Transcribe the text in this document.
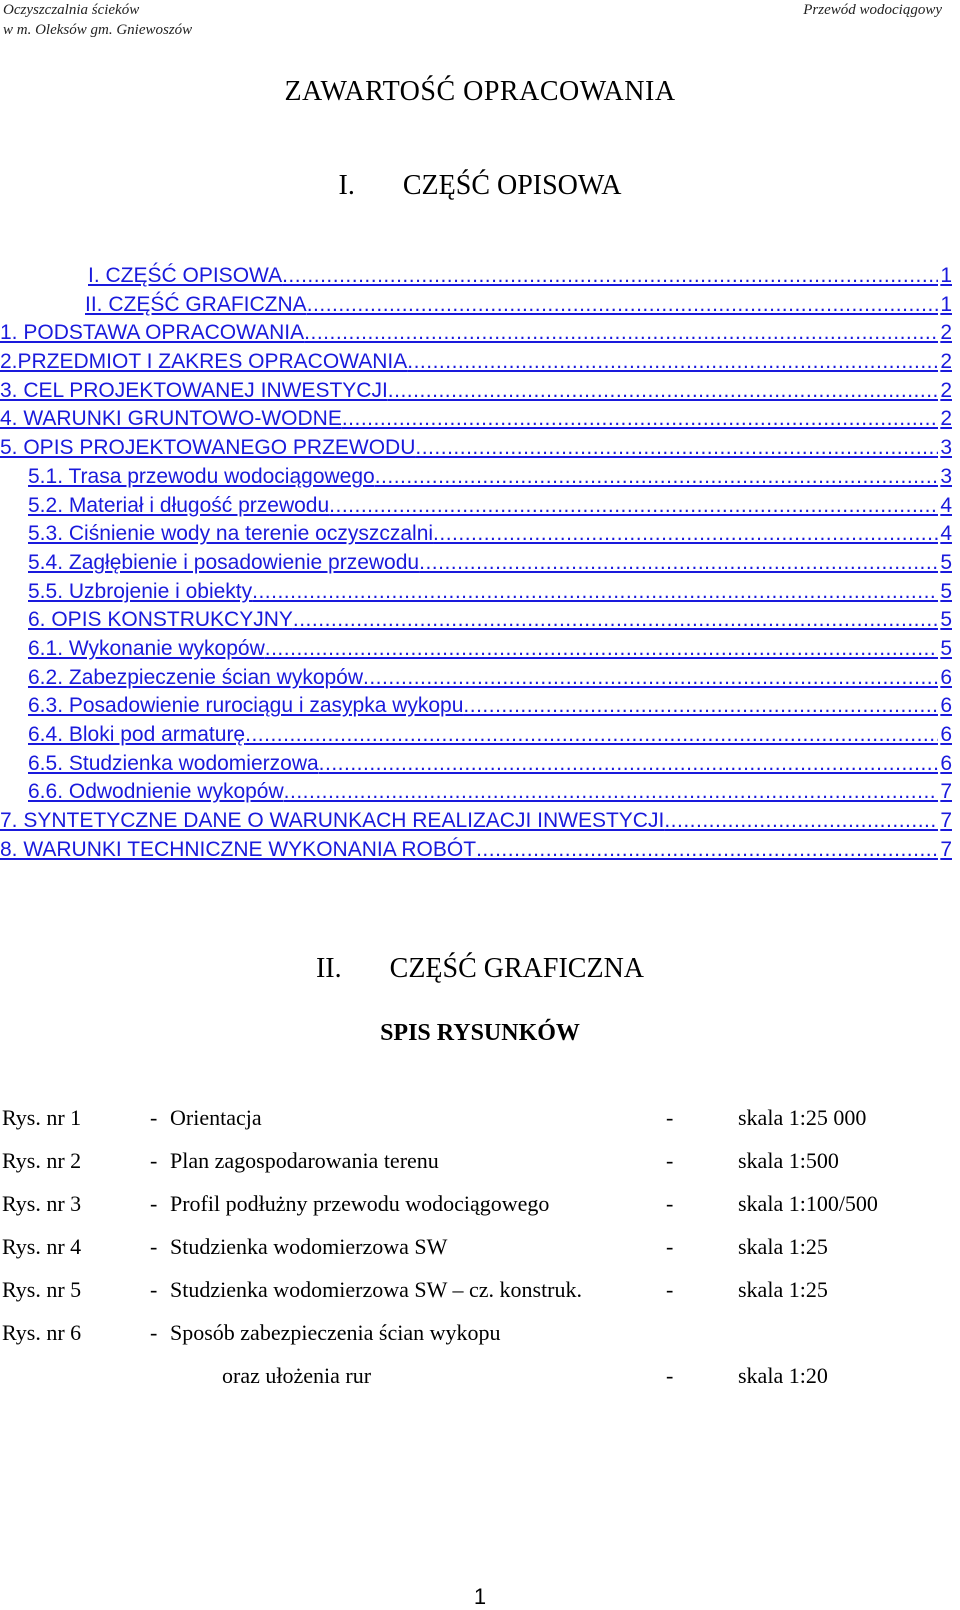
Oczyszczalnia ścieków
w m. Oleksów gm. Gniewoszów
Przewód wodociągowy
ZAWARTOŚĆ OPRACOWANIA
I. CZĘŚĆ OPISOWA
I. CZĘŚĆ OPISOWA .....	1
II. CZĘŚĆ GRAFICZNA .....	1
1. PODSTAWA OPRACOWANIA .....	2
2.PRZEDMIOT I ZAKRES OPRACOWANIA .....	2
3. CEL PROJEKTOWANEJ INWESTYCJI .....	2
4. WARUNKI GRUNTOWO-WODNE .....	2
5. OPIS PROJEKTOWANEGO PRZEWODU .....	3
5.1. Trasa przewodu wodociągowego .....	3
5.2. Materiał i długość przewodu .....	4
5.3. Ciśnienie wody na terenie oczyszczalni .....	4
5.4. Zagłębienie i posadowienie przewodu .....	5
5.5. Uzbrojenie i obiekty .....	5
6. OPIS KONSTRUKCYJNY .....	5
6.1. Wykonanie wykopów .....	5
6.2. Zabezpieczenie ścian wykopów .....	6
6.3. Posadowienie rurociągu i zasypka wykopu .....	6
6.4. Bloki pod armaturę .....	6
6.5. Studzienka wodomierzowa .....	6
6.6. Odwodnienie wykopów .....	7
7. SYNTETYCZNE DANE O WARUNKACH REALIZACJI INWESTYCJI .....	7
8. WARUNKI TECHNICZNE WYKONANIA ROBÓT .....	7
II. CZĘŚĆ GRAFICZNA
SPIS RYSUNKÓW
Rys. nr 1	- Orientacja	-	skala 1:25 000
Rys. nr 2	- Plan zagospodarowania terenu	-	skala 1:500
Rys. nr 3	- Profil podłużny przewodu wodociągowego	-	skala 1:100/500
Rys. nr 4	- Studzienka wodomierzowa SW	-	skala 1:25
Rys. nr 5	- Studzienka wodomierzowa SW – cz. konstruk.	-	skala 1:25
Rys. nr 6	- Sposób zabezpieczenia ścian wykopu
oraz ułożenia rur	-	skala 1:20
1
